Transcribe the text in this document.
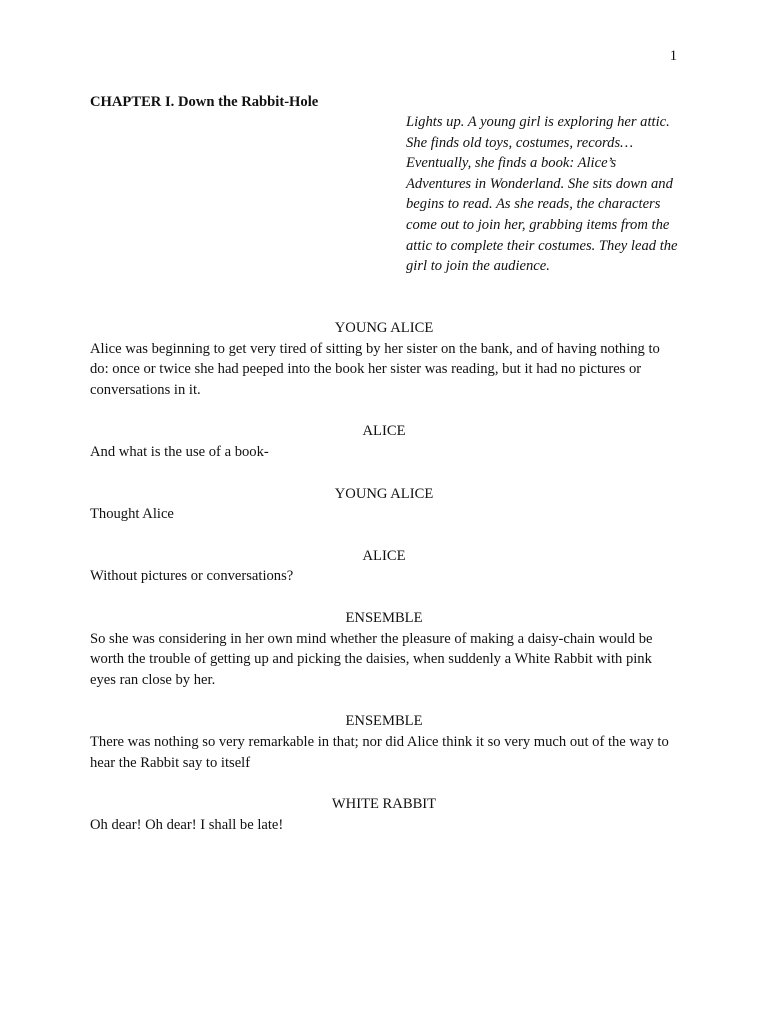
1

CHAPTER I. Down the Rabbit-Hole

Lights up. A young girl is exploring her attic. She finds old toys, costumes, records… Eventually, she finds a book: Alice’s Adventures in Wonderland. She sits down and begins to read. As she reads, the characters come out to join her, grabbing items from the attic to complete their costumes. They lead the girl to join the audience.

YOUNG ALICE

Alice was beginning to get very tired of sitting by her sister on the bank, and of having nothing to do: once or twice she had peeped into the book her sister was reading, but it had no pictures or conversations in it.

ALICE

And what is the use of a book-

YOUNG ALICE

Thought Alice

ALICE

Without pictures or conversations?

ENSEMBLE

So she was considering in her own mind whether the pleasure of making a daisy-chain would be worth the trouble of getting up and picking the daisies, when suddenly a White Rabbit with pink eyes ran close by her.

ENSEMBLE

There was nothing so very remarkable in that; nor did Alice think it so very much out of the way to hear the Rabbit say to itself

WHITE RABBIT

Oh dear! Oh dear! I shall be late!
